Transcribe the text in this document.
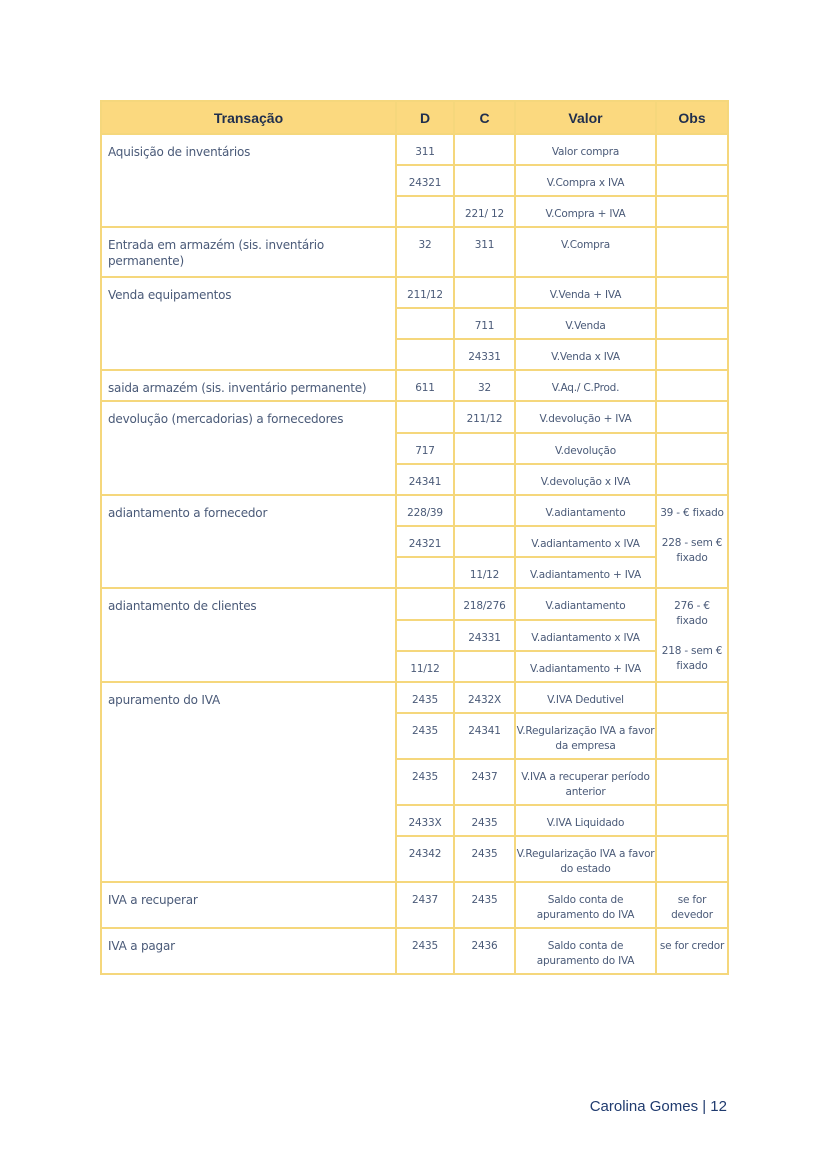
Transação	D	C	Valor	Obs
Aquisição de inventários	311		Valor compra	
	24321		V.Compra x IVA	
		221/ 12	V.Compra + IVA	
Entrada em armazém (sis. inventário permanente)	32	311	V.Compra	
Venda equipamentos	211/12		V.Venda + IVA	
		711	V.Venda	
		24331	V.Venda x IVA	
saida armazém (sis. inventário permanente)	611	32	V.Aq./ C.Prod.	
devolução (mercadorias) a fornecedores		211/12	V.devolução + IVA	
	717		V.devolução	
	24341		V.devolução x IVA	
adiantamento a fornecedor	228/39		V.adiantamento	39 - € fixado
228 - sem € fixado

	24321		V.adiantamento x IVA	
		11/12	V.adiantamento + IVA	
adiantamento de clientes		218/276	V.adiantamento	276 - € fixado
218 - sem € fixado

		24331	V.adiantamento x IVA	
	11/12		V.adiantamento + IVA	
apuramento do IVA	2435	2432X	V.IVA Dedutivel	
	2435	24341	V.Regularização IVA a favor da empresa	
	2435	2437	V.IVA a recuperar período anterior	
	2433X	2435	V.IVA Liquidado	
	24342	2435	V.Regularização IVA a favor do estado	
IVA a recuperar	2437	2435	Saldo conta de apuramento do IVA	se for devedor

IVA a pagar	2435	2436	Saldo conta de apuramento do IVA	se for credor
Carolina Gomes | 12
